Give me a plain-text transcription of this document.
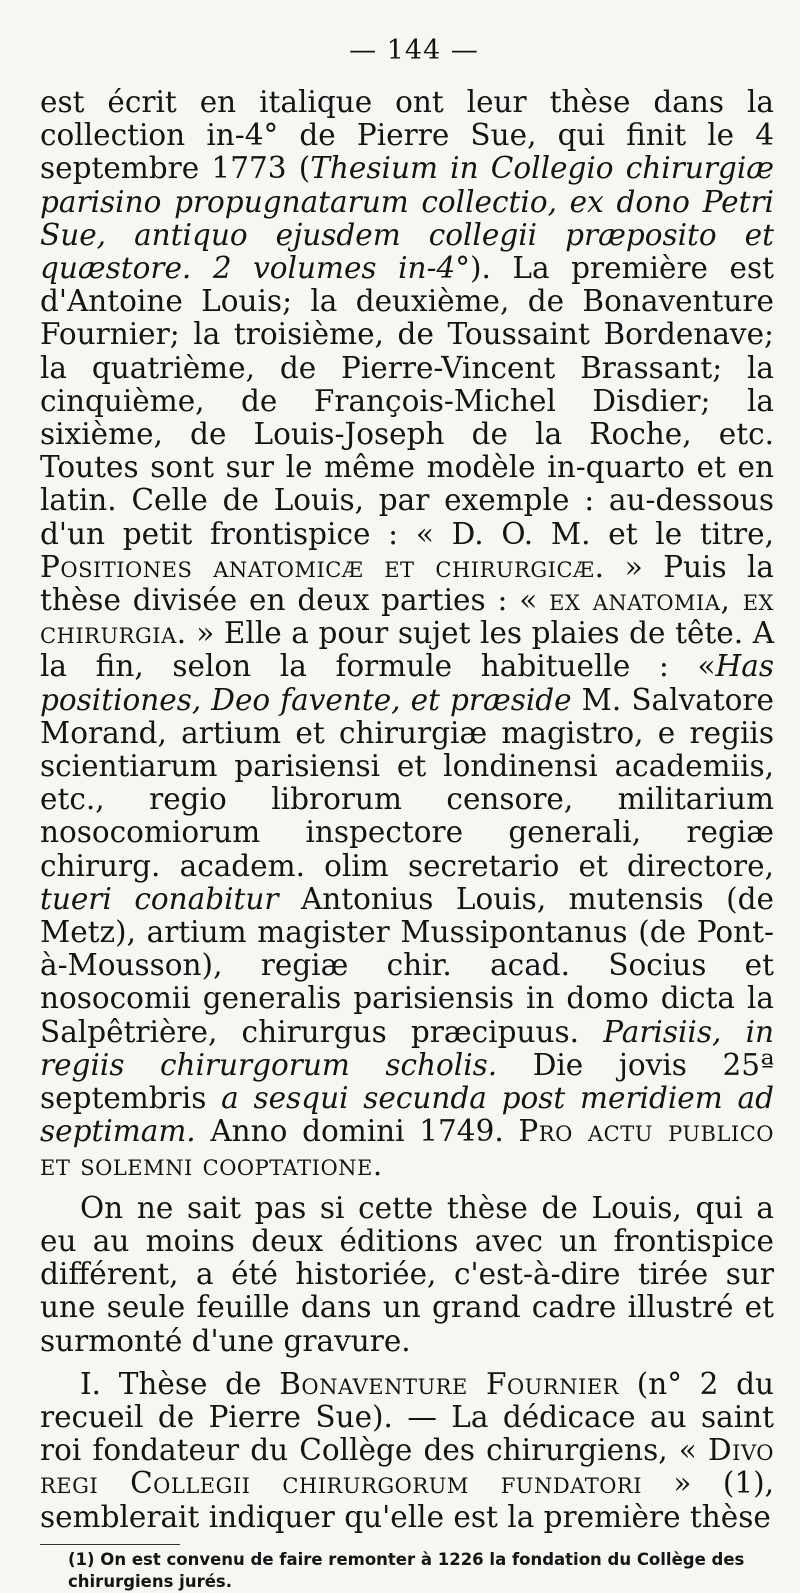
— 144 —

est écrit en italique ont leur thèse dans la collection in-4° de Pierre Sue, qui finit le 4 septembre 1773 (Thesium in Collegio chirurgiæ parisino propugnatarum collectio, ex dono Petri Sue, antiquo ejusdem collegii præposito et quæstore. 2 volumes in-4°). La première est d'Antoine Louis; la deuxième, de Bonaventure Fournier; la troisième, de Toussaint Bordenave; la quatrième, de Pierre-Vincent Brassant; la cinquième, de François-Michel Disdier; la sixième, de Louis-Joseph de la Roche, etc. Toutes sont sur le même modèle in-quarto et en latin. Celle de Louis, par exemple : au-dessous d'un petit frontispice : « D. O. M. et le titre, Positiones anatomicæ et chirurgicæ. » Puis la thèse divisée en deux parties : « ex anatomia, ex chirurgia. » Elle a pour sujet les plaies de tête. A la fin, selon la formule habituelle : «Has positiones, Deo favente, et præside M. Salvatore Morand, artium et chirurgiæ magistro, e regiis scientiarum parisiensi et londinensi academiis, etc., regio librorum censore, militarium nosocomiorum inspectore generali, regiæ chirurg. academ. olim secretario et directore, tueri conabitur Antonius Louis, mutensis (de Metz), artium magister Mussipontanus (de Pont-à-Mousson), regiæ chir. acad. Socius et nosocomii generalis parisiensis in domo dicta la Salpêtrière, chirurgus præcipuus. Parisiis, in regiis chirurgorum scholis. Die jovis 25ª septembris a sesqui secunda post meridiem ad septimam. Anno domini 1749. Pro actu publico et solemni cooptatione.

On ne sait pas si cette thèse de Louis, qui a eu au moins deux éditions avec un frontispice différent, a été historiée, c'est-à-dire tirée sur une seule feuille dans un grand cadre illustré et surmonté d'une gravure.

I. Thèse de Bonaventure Fournier (n° 2 du recueil de Pierre Sue). — La dédicace au saint roi fondateur du Collège des chirurgiens, « Divo regi Collegii chirurgorum fundatori » (1), semblerait indiquer qu'elle est la première thèse

(1) On est convenu de faire remonter à 1226 la fondation du Collège des chirurgiens jurés.
